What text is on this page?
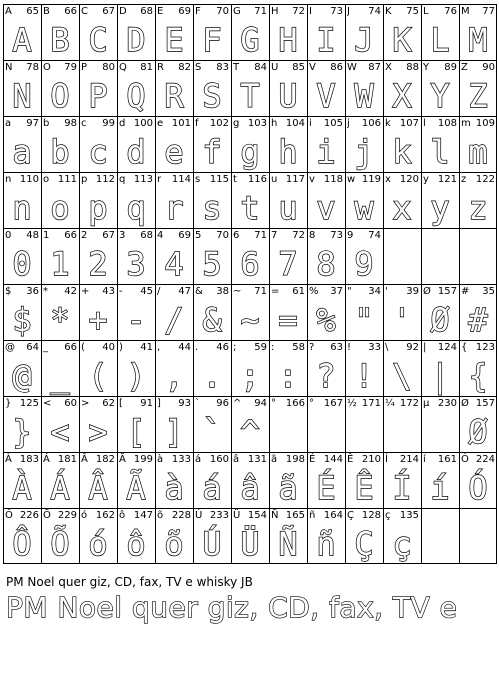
A 65
A
B 66
B
C 67
C
D 68
D
E 69
E
F 70
F
G 71
G
H 72
H
I 73
I
J 74
J
K 75
K
L 76
L
M 77
M
N 78
N
O 79
O
P 80
P
Q 81
Q
R 82
R
S 83
S
T 84
T
U 85
U
V 86
V
W 87
W
X 88
X
Y 89
Y
Z 90
Z
a 97
a
b 98
b
c 99
c
d 100
d
e 101
e
f 102
f
g 103
g
h 104
h
i 105
i
j 106
j
k 107
k
l 108
l
m 109
m
n 110
n
o 111
o
p 112
p
q 113
q
r 114
r
s 115
s
t 116
t
u 117
u
v 118
v
w 119
w
x 120
x
y 121
y
z 122
z
0 48
0
1 66
1
2 67
2
3 68
3
4 69
4
5 70
5
6 71
6
7 72
7
8 73
8
9 74
9
$ 36
$
* 42
*
+ 43
+
- 45
-
/ 47
/
& 38
&
~ 71
~
= 61
=
% 37
%
" 34
"
' 39
'
Ø 157
Ø
# 35
#
@ 64
@
_ 66
_
( 40
(
) 41
)
, 44
,
. 46
.
; 59
;
: 58
:
? 63
?
! 33
!
\ 92
\
| 124
|
{ 123
{
} 125
}
< 60
<
> 62
>
[ 91
[
] 93
]
` 96
`
^ 94
^
° 166 ° 167 ½ 171 ¼ 172 µ 230 Ø 157
Ø
À 183
À
Á 181
Á
Â 182
Â
Ã 199
Ã
à 133
à
á 160
á
â 131
â
ã 198
ã
É 144
É
Ê 210
Ê
Í 214
Í
í 161
í
Ó 224
Ó
Ô 226
Ô
Õ 229
Õ
ó 162
ó
ô 147
ô
õ 228
õ
Ú 233
Ú
Ü 154
Ü
Ñ 165
Ñ
ñ 164
ñ
Ç 128
Ç
ç 135
ç
PM Noel quer giz, CD, fax, TV e whisky JB
PM Noel quer giz, CD, fax, TV e
